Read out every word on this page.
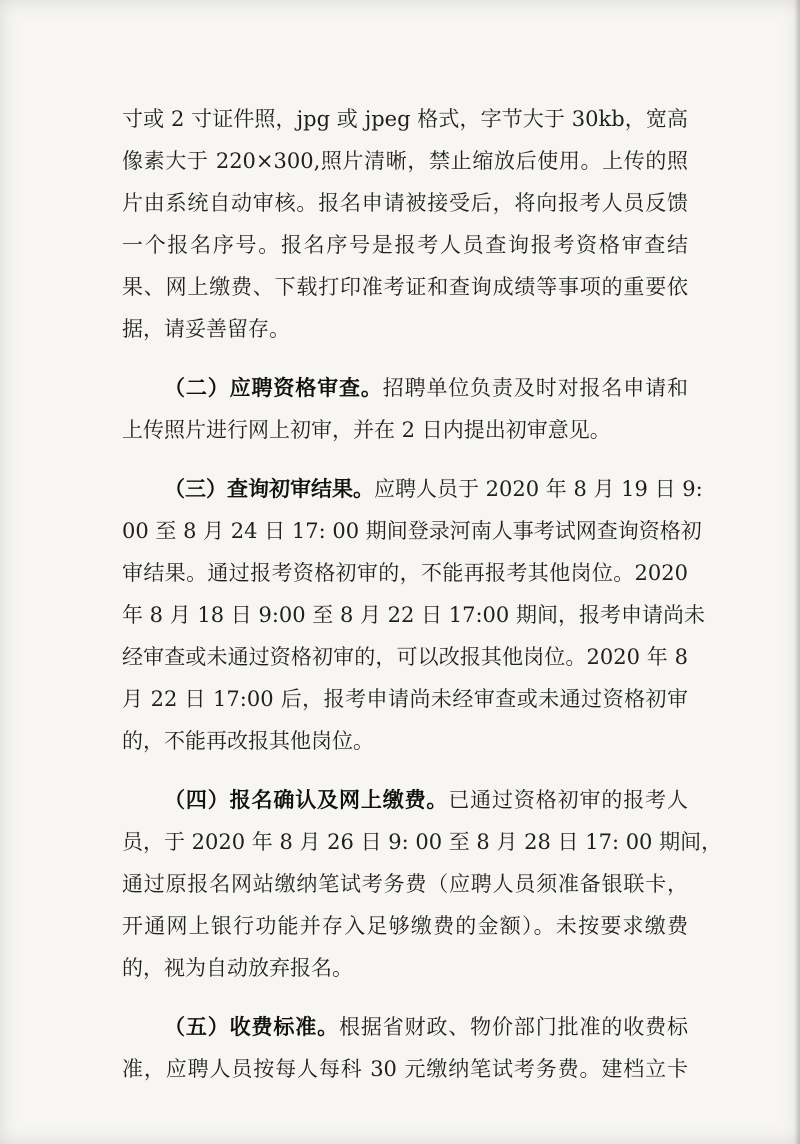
寸或 2 寸证件照，jpg 或 jpeg 格式，字节大于 30kb，宽高
像素大于 220×300,照片清晰，禁止缩放后使用。上传的照
片由系统自动审核。报名申请被接受后，将向报考人员反馈
一个报名序号。报名序号是报考人员查询报考资格审查结
果、网上缴费、下载打印准考证和查询成绩等事项的重要依
据，请妥善留存。
（二）应聘资格审查。招聘单位负责及时对报名申请和
上传照片进行网上初审，并在 2 日内提出初审意见。
（三）查询初审结果。应聘人员于 2020 年 8 月 19 日 9:
00 至 8 月 24 日 17: 00 期间登录河南人事考试网查询资格初
审结果。通过报考资格初审的，不能再报考其他岗位。2020
年 8 月 18 日 9:00 至 8 月 22 日 17:00 期间，报考申请尚未
经审查或未通过资格初审的，可以改报其他岗位。2020 年 8
月 22 日 17:00 后，报考申请尚未经审查或未通过资格初审
的，不能再改报其他岗位。
（四）报名确认及网上缴费。已通过资格初审的报考人
员，于 2020 年 8 月 26 日 9: 00 至 8 月 28 日 17: 00 期间，
通过原报名网站缴纳笔试考务费（应聘人员须准备银联卡，
开通网上银行功能并存入足够缴费的金额）。未按要求缴费
的，视为自动放弃报名。
（五）收费标准。根据省财政、物价部门批准的收费标
准，应聘人员按每人每科 30 元缴纳笔试考务费。建档立卡
